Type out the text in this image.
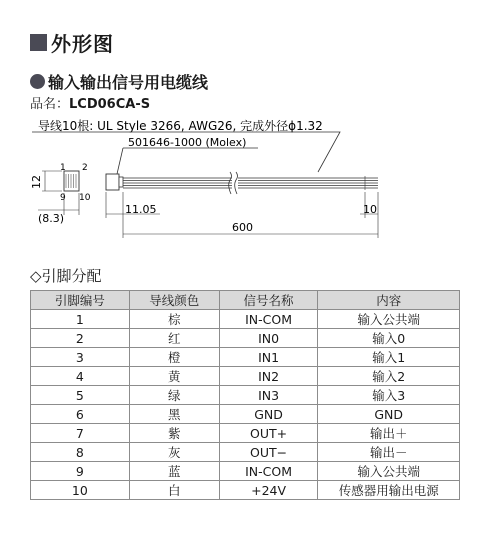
外形图
输入输出信号用电缆线
品名：LCD06CA-S
导线10根: UL Style 3266, AWG26, 完成外径ϕ1.32
501646-1000 (Molex)
1 2
9 10
12
(8.3)
11.05	10
600
◇引脚分配
引脚编号	导线颜色	信号名称	内容
1	棕	IN-COM	输入公共端
2	红	IN0	输入0
3	橙	IN1	输入1
4	黄	IN2	输入2
5	绿	IN3	输入3
6	黑	GND	GND
7	紫	OUT+	输出＋
8	灰	OUT−	输出－
9	蓝	IN-COM	输入公共端
10	白	+24V	传感器用输出电源
